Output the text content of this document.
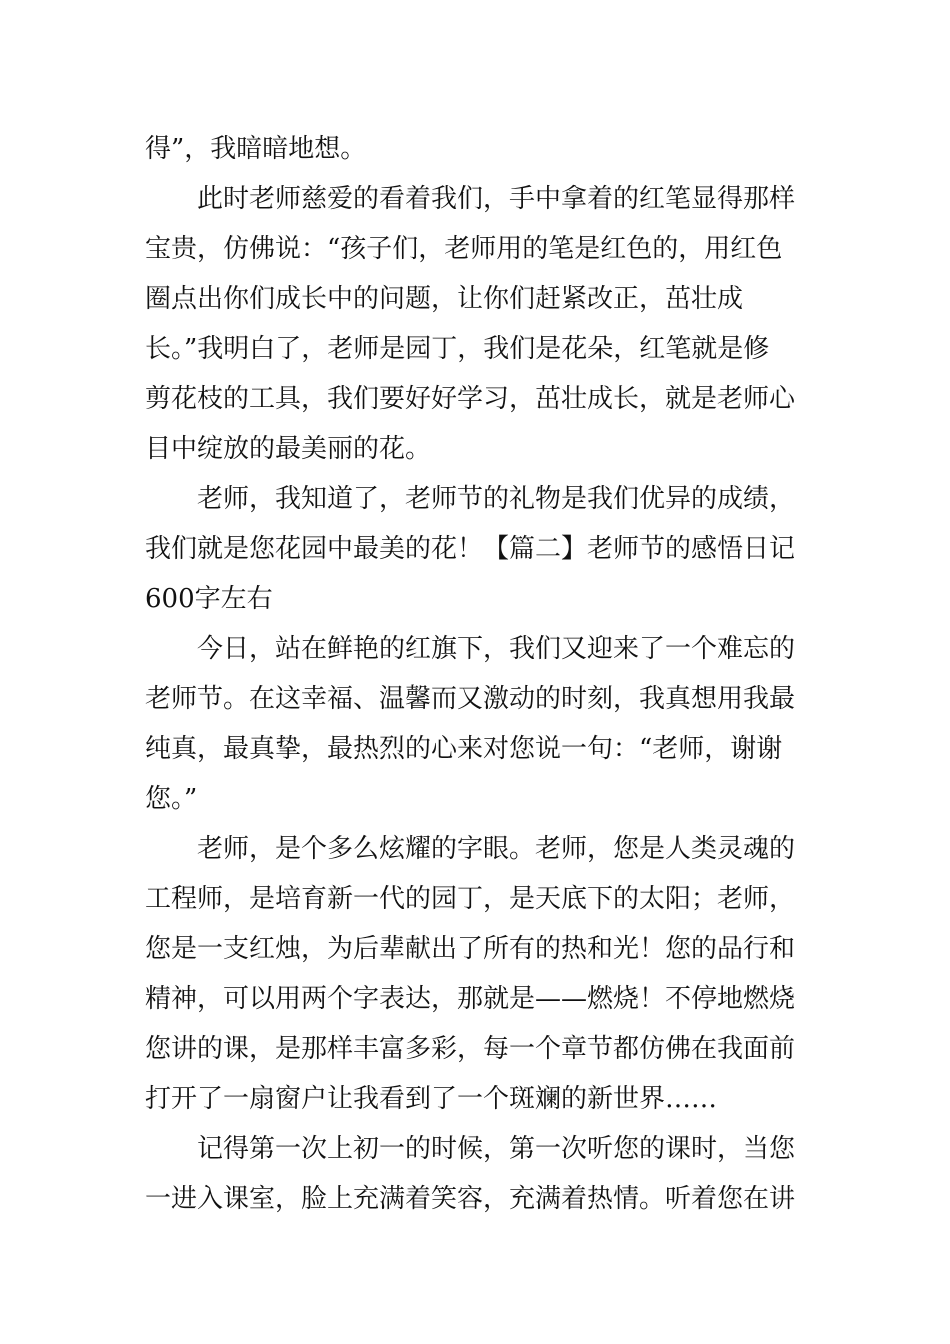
得”，我暗暗地想。
此时老师慈爱的看着我们，手中拿着的红笔显得那样
宝贵，仿佛说：“孩子们，老师用的笔是红色的，用红色
圈点出你们成长中的问题，让你们赶紧改正，茁壮成
长。”我明白了，老师是园丁，我们是花朵，红笔就是修
剪花枝的工具，我们要好好学习，茁壮成长，就是老师心
目中绽放的最美丽的花。
老师，我知道了，老师节的礼物是我们优异的成绩，
我们就是您花园中最美的花！【篇二】老师节的感悟日记
600字左右
今日，站在鲜艳的红旗下，我们又迎来了一个难忘的
老师节。在这幸福、温馨而又激动的时刻，我真想用我最
纯真，最真挚，最热烈的心来对您说一句：“老师，谢谢
您。”
老师，是个多么炫耀的字眼。老师，您是人类灵魂的
工程师，是培育新一代的园丁，是天底下的太阳；老师，
您是一支红烛，为后辈献出了所有的热和光！您的品行和
精神，可以用两个字表达，那就是——燃烧！不停地燃烧
您讲的课，是那样丰富多彩，每一个章节都仿佛在我面前
打开了一扇窗户让我看到了一个斑斓的新世界……
记得第一次上初一的时候，第一次听您的课时，当您
一进入课室，脸上充满着笑容，充满着热情。听着您在讲
